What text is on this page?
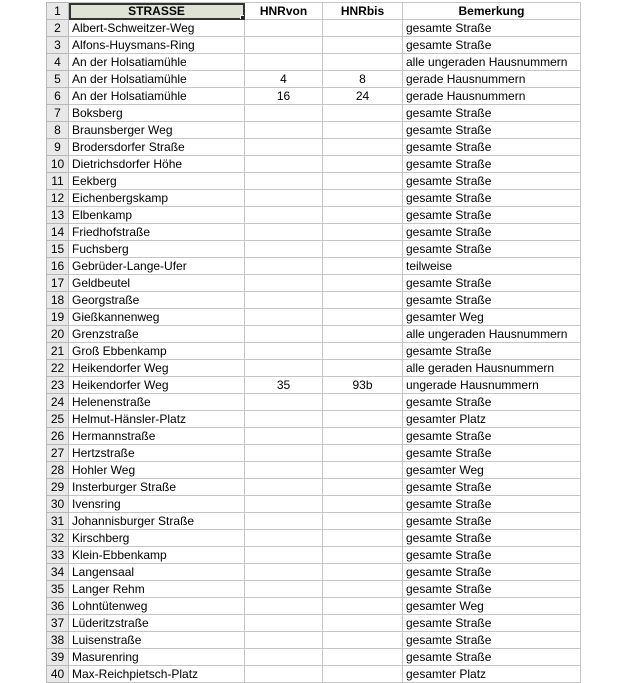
1	STRASSE	HNRvon	HNRbis	Bemerkung
2	Albert-Schweitzer-Weg			gesamte Straße
3	Alfons-Huysmans-Ring			gesamte Straße
4	An der Holsatiamühle			alle ungeraden Hausnummern
5	An der Holsatiamühle	4	8	gerade Hausnummern
6	An der Holsatiamühle	16	24	gerade Hausnummern
7	Boksberg			gesamte Straße
8	Braunsberger Weg			gesamte Straße
9	Brodersdorfer Straße			gesamte Straße
10	Dietrichsdorfer Höhe			gesamte Straße
11	Eekberg			gesamte Straße
12	Eichenbergskamp			gesamte Straße
13	Elbenkamp			gesamte Straße
14	Friedhofstraße			gesamte Straße
15	Fuchsberg			gesamte Straße
16	Gebrüder-Lange-Ufer			teilweise
17	Geldbeutel			gesamte Straße
18	Georgstraße			gesamte Straße
19	Gießkannenweg			gesamter Weg
20	Grenzstraße			alle ungeraden Hausnummern
21	Groß Ebbenkamp			gesamte Straße
22	Heikendorfer Weg			alle geraden Hausnummern
23	Heikendorfer Weg	35	93b	ungerade Hausnummern
24	Helenenstraße			gesamte Straße
25	Helmut-Hänsler-Platz			gesamter Platz
26	Hermannstraße			gesamte Straße
27	Hertzstraße			gesamte Straße
28	Hohler Weg			gesamter Weg
29	Insterburger Straße			gesamte Straße
30	Ivensring			gesamte Straße
31	Johannisburger Straße			gesamte Straße
32	Kirschberg			gesamte Straße
33	Klein-Ebbenkamp			gesamte Straße
34	Langensaal			gesamte Straße
35	Langer Rehm			gesamte Straße
36	Lohntütenweg			gesamter Weg
37	Lüderitzstraße			gesamte Straße
38	Luisenstraße			gesamte Straße
39	Masurenring			gesamte Straße
40	Max-Reichpietsch-Platz			gesamter Platz
